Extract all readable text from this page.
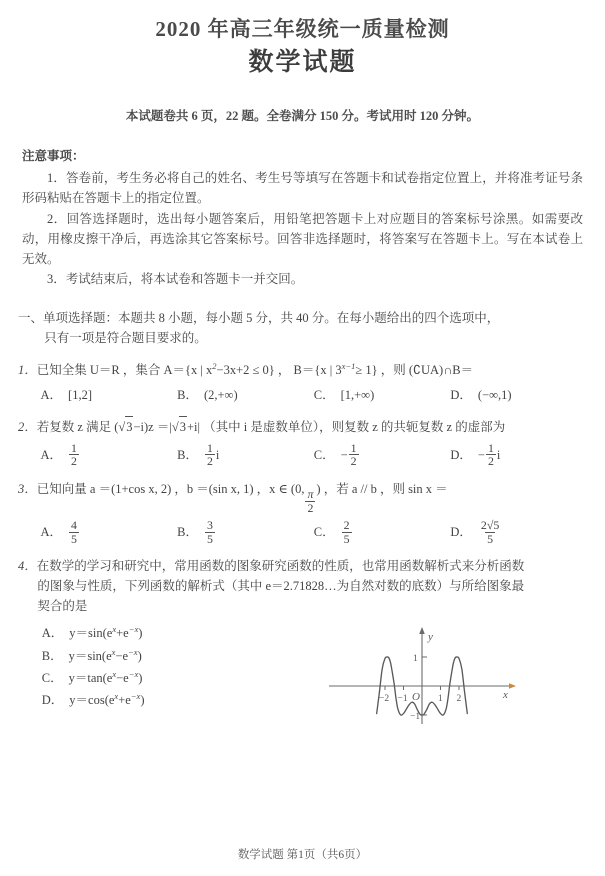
2020 年高三年级统一质量检测
数学试题
本试题卷共 6 页，22 题。全卷满分 150 分。考试用时 120 分钟。
注意事项：
1．答卷前，考生务必将自己的姓名、考生号等填写在答题卡和试卷指定位置上，并将准考证号条形码粘贴在答题卡上的指定位置。
2．回答选择题时，选出每小题答案后，用铅笔把答题卡上对应题目的答案标号涂黑。如需要改动，用橡皮擦干净后，再选涂其它答案标号。回答非选择题时，将答案写在答题卡上。写在本试卷上无效。
3．考试结束后，将本试卷和答题卡一并交回。
一、单项选择题：本题共 8 小题，每小题 5 分，共 40 分。在每小题给出的四个选项中，
只有一项是符合题目要求的。
1．已知全集 U＝R ，集合 A＝{x | $x^2-3x+2 \le 0$} ， B＝{x | $3^{x-1}\ge 1$} ，则 (∁UA)∩B＝
A． [1,2]	B． (2,+∞)	C． [1,+∞)	D． (−∞,1)
2．若复数 z 满足 (√3−i)z ＝|√3+i| （其中 i 是虚数单位），则复数 z 的共轭复数 z 的虚部为
A． $\frac{1}{2}$	B． $\frac{1}{2}$ i	C． − $\frac{1}{2}$	D． − $\frac{1}{2}$ i
3．已知向量 a ＝(1+cos x, 2) ，b ＝(sin x, 1) ，x ∈ (0, $\frac{\pi}{2}$ ) ，若 a // b ，则 sin x ＝
A． $\frac{4}{5}$	B． $\frac{3}{5}$	C． $\frac{2}{5}$	D． $\frac{2√5}{5}$
4．在数学的学习和研究中，常用函数的图象研究函数的性质，也常用函数解析式来分析函数
的图象与性质，下列函数的解析式（其中 e＝2.71828…为自然对数的底数）与所给图象最
契合的是
A． $y=\sin(e^x+e^{-x})$
B． $y=\sin(e^x-e^{-x})$
C． $y=\tan(e^x-e^{-x})$
D． $y=\cos(e^x+e^{-x})$
y
x
O
−2 −1	1 2
1
−1
数学试题 第1页（共6页）
